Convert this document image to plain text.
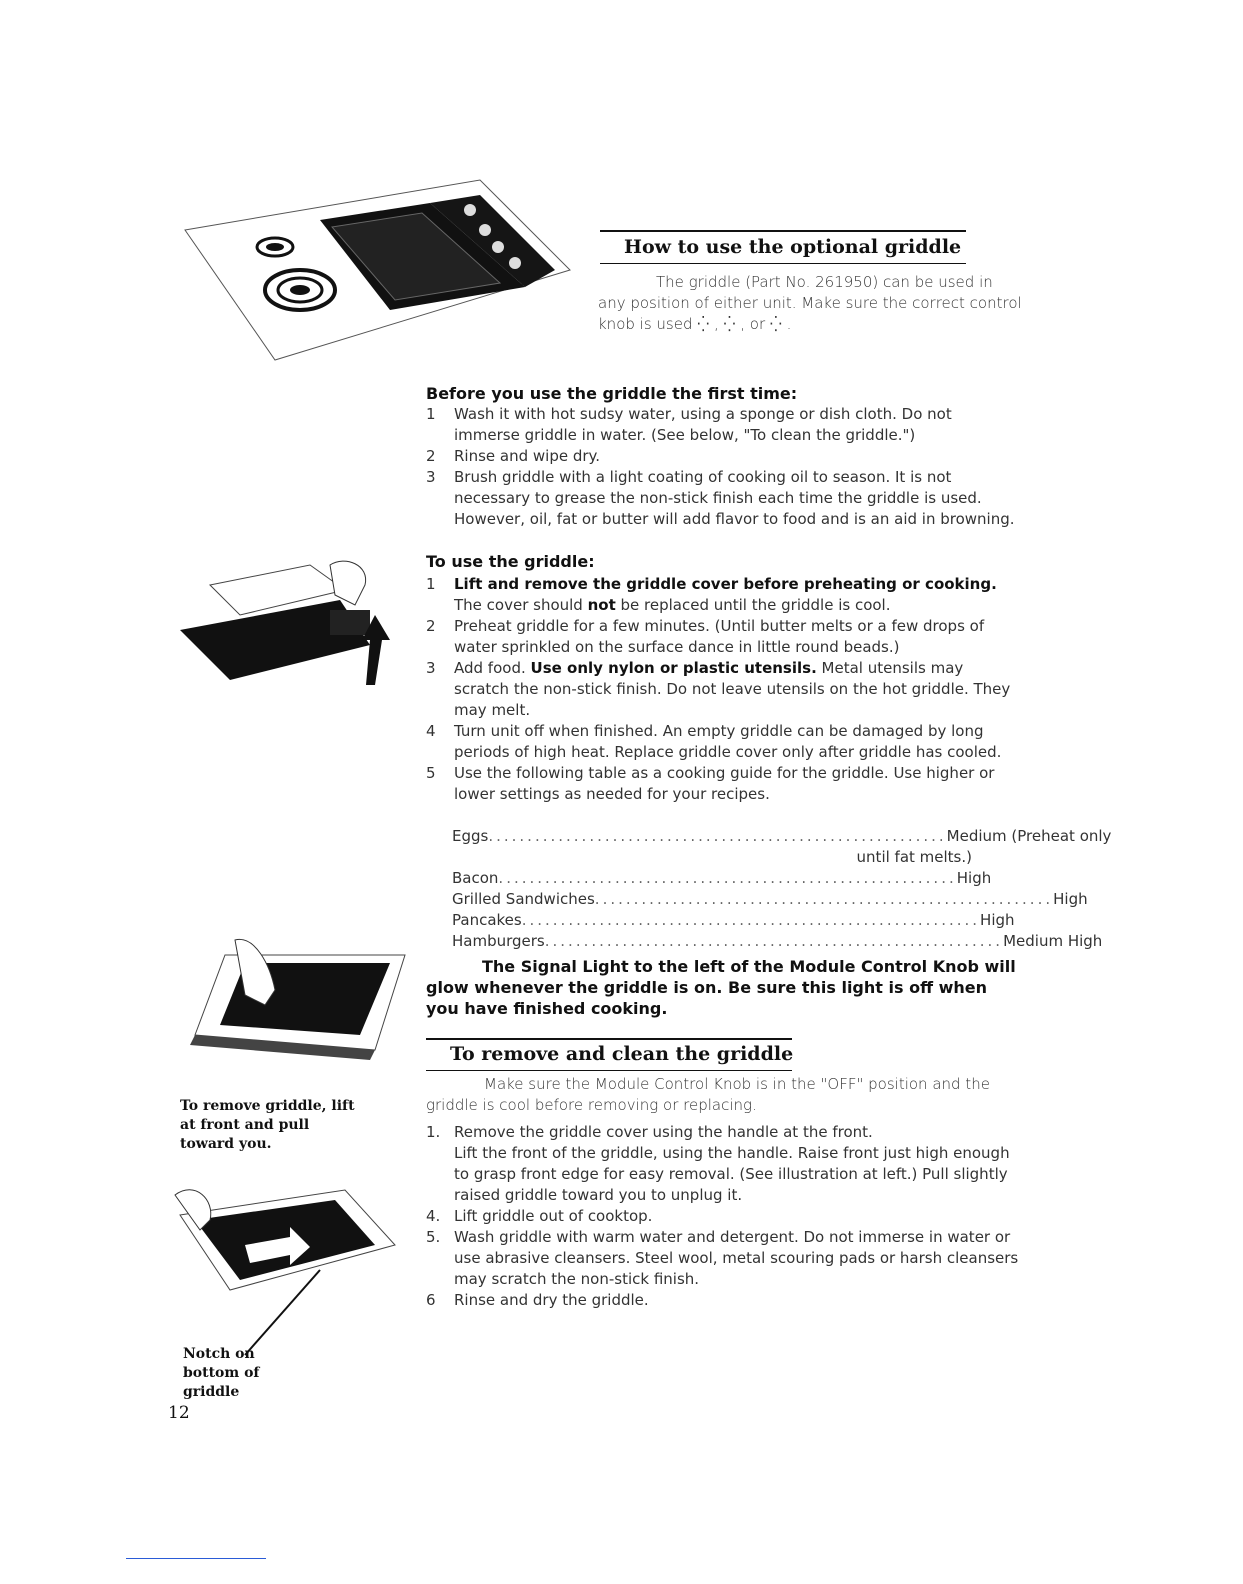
How to use the optional griddle
The griddle (Part No. 261950) can be used in any position of either unit. Make sure the correct control knob is used ⁛ , ⁛ , or ⁛ .
Before you use the griddle the first time:
1 Wash it with hot sudsy water, using a sponge or dish cloth. Do not immerse griddle in water. (See below, "To clean the griddle.")
2 Rinse and wipe dry.
3 Brush griddle with a light coating of cooking oil to season. It is not necessary to grease the non-stick finish each time the griddle is used. However, oil, fat or butter will add flavor to food and is an aid in browning.
To use the griddle:
1 Lift and remove the griddle cover before preheating or cooking.
The cover should not be replaced until the griddle is cool.
2 Preheat griddle for a few minutes. (Until butter melts or a few drops of water sprinkled on the surface dance in little round beads.)
3 Add food. Use only nylon or plastic utensils. Metal utensils may scratch the non-stick finish. Do not leave utensils on the hot griddle. They may melt.
4 Turn unit off when finished. An empty griddle can be damaged by long periods of high heat. Replace griddle cover only after griddle has cooled.
5 Use the following table as a cooking guide for the griddle. Use higher or lower settings as needed for your recipes.
Eggs ........................................................... Medium (Preheat only
until fat melts.)
Bacon ........................................................... High
Grilled Sandwiches ........................................................... High
Pancakes ........................................................... High
Hamburgers ........................................................... Medium High
The Signal Light to the left of the Module Control Knob will glow whenever the griddle is on. Be sure this light is off when you have finished cooking.
To remove and clean the griddle
Make sure the Module Control Knob is in the "OFF" position and the griddle is cool before removing or replacing.
1. Remove the griddle cover using the handle at the front.
Lift the front of the griddle, using the handle. Raise front just high enough to grasp front edge for easy removal. (See illustration at left.) Pull slightly raised griddle toward you to unplug it.
4. Lift griddle out of cooktop.
5. Wash griddle with warm water and detergent. Do not immerse in water or use abrasive cleansers. Steel wool, metal scouring pads or harsh cleansers may scratch the non-stick finish.
6 Rinse and dry the griddle.
To remove griddle, lift at front and pull toward you.
Notch on bottom of griddle
12
